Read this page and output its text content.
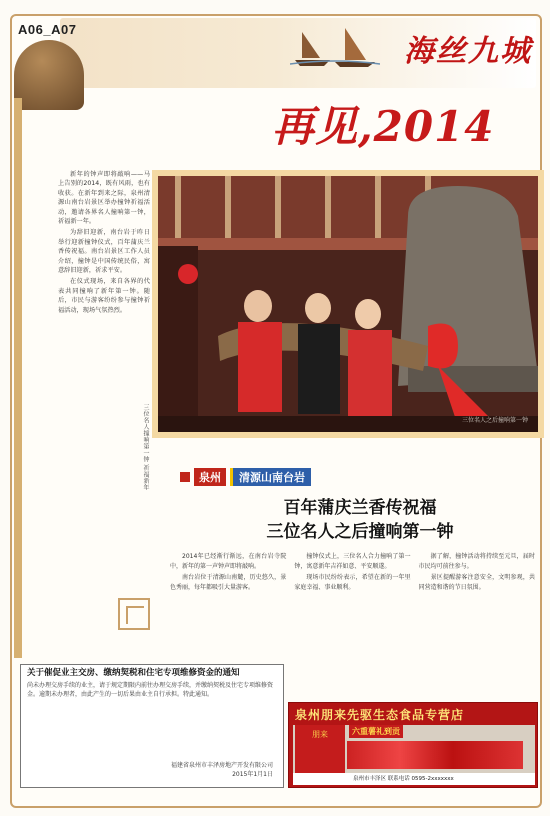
A06_A07
海丝九城
再见,2014

新年的钟声即将敲响——马上告别的2014，既有风雨，也有收获。在新年到来之际，泉州清源山南台岩景区举办撞钟祈福活动，邀请各界名人撞响第一钟，祈福新一年。

为辞旧迎新，南台岩于昨日举行迎新撞钟仪式，百年蒲庆兰香传祝福。南台岩景区工作人员介绍，撞钟是中国传统民俗，寓意辞旧迎新，祈求平安。

在仪式现场，来自各界的代表共同撞响了新年第一钟。随后，市民与游客纷纷参与撞钟祈福活动，现场气氛热烈。

三位名人撞响第一钟 祈福新年	三位名人之后撞响第一钟
泉州	清源山南台岩
百年蒲庆兰香传祝福
三位名人之后撞响第一钟

2014年已经渐行渐远，在南台岩寺院中，新年的第一声钟声即将敲响。

南台岩位于清源山南麓，历史悠久，景色秀丽，每年都吸引大量游客。

撞钟仪式上，三位名人合力撞响了第一钟，寓意新年吉祥如意、平安顺遂。

现场市民纷纷表示，希望在新的一年里家庭幸福、事业顺利。

据了解，撞钟活动将持续至元旦，届时市民均可前往参与。

景区提醒游客注意安全，文明参观，共同营造和谐的节日氛围。

关于催促业主交房、缴纳契税和住宅专项维修资金的通知
尚未办理交房手续的业主，请于规定期限内前往办理交房手续，并缴纳契税及住宅专项维修资金。逾期未办理者，由此产生的一切后果由业主自行承担。特此通知。
福建省泉州市丰泽房地产开发有限公司
2015年1月1日
泉州朋来先驱生态食品专营店
朋来	六重薯礼到贡
泉州市丰泽区 联系电话 0595-2xxxxxxx
